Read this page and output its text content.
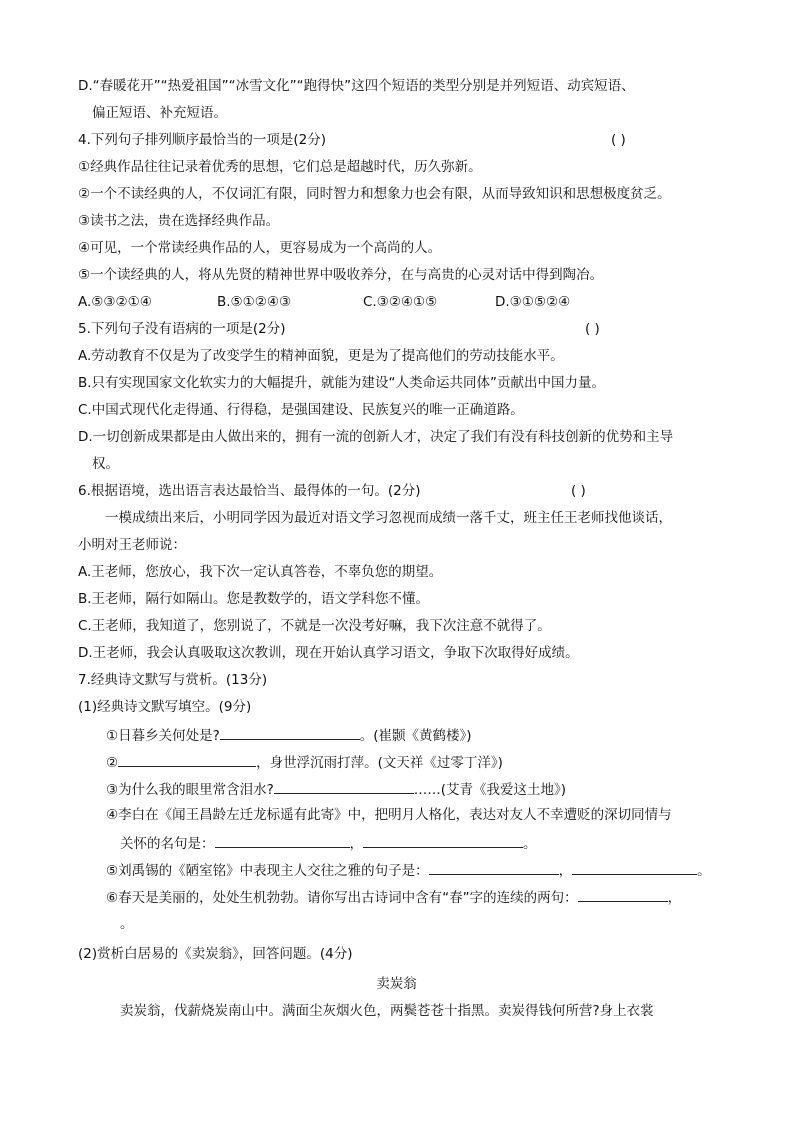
D.“春暖花开”“热爱祖国”“冰雪文化”“跑得快”这四个短语的类型分别是并列短语、动宾短语、
偏正短语、补充短语。
4.下列句子排列顺序最恰当的一项是(2分)	( )
①经典作品往往记录着优秀的思想，它们总是超越时代，历久弥新。
②一个不读经典的人，不仅词汇有限，同时智力和想象力也会有限，从而导致知识和思想极度贫乏。
③读书之法，贵在选择经典作品。
④可见，一个常读经典作品的人，更容易成为一个高尚的人。
⑤一个读经典的人，将从先贤的精神世界中吸收养分，在与高贵的心灵对话中得到陶冶。
A.⑤③②①④	B.⑤①②④③	C.③②④①⑤	D.③①⑤②④
5.下列句子没有语病的一项是(2分)	( )
A.劳动教育不仅是为了改变学生的精神面貌，更是为了提高他们的劳动技能水平。
B.只有实现国家文化软实力的大幅提升，就能为建设“人类命运共同体”贡献出中国力量。
C.中国式现代化走得通、行得稳，是强国建设、民族复兴的唯一正确道路。
D.一切创新成果都是由人做出来的，拥有一流的创新人才，决定了我们有没有科技创新的优势和主导
权。
6.根据语境，选出语言表达最恰当、最得体的一句。(2分)	( )
一模成绩出来后，小明同学因为最近对语文学习忽视而成绩一落千丈，班主任王老师找他谈话，
小明对王老师说：
A.王老师，您放心，我下次一定认真答卷，不辜负您的期望。
B.王老师，隔行如隔山。您是教数学的，语文学科您不懂。
C.王老师，我知道了，您别说了，不就是一次没考好嘛，我下次注意不就得了。
D.王老师，我会认真吸取这次教训，现在开始认真学习语文，争取下次取得好成绩。
7.经典诗文默写与赏析。(13分)
(1)经典诗文默写填空。(9分)
①日暮乡关何处是?	。(崔颢《黄鹤楼》)
②	，身世浮沉雨打萍。(文天祥《过零丁洋》)
③为什么我的眼里常含泪水?	……(艾青《我爱这土地》)
④李白在《闻王昌龄左迁龙标遥有此寄》中，把明月人格化，表达对友人不幸遭贬的深切同情与
关怀的名句是：	，	。
⑤刘禹锡的《陋室铭》中表现主人交往之雅的句子是：	，	。
⑥春天是美丽的，处处生机勃勃。请你写出古诗词中含有“春”字的连续的两句：	，
。
(2)赏析白居易的《卖炭翁》，回答问题。(4分)
卖炭翁
卖炭翁，伐薪烧炭南山中。满面尘灰烟火色，两鬓苍苍十指黑。卖炭得钱何所营?身上衣裳
